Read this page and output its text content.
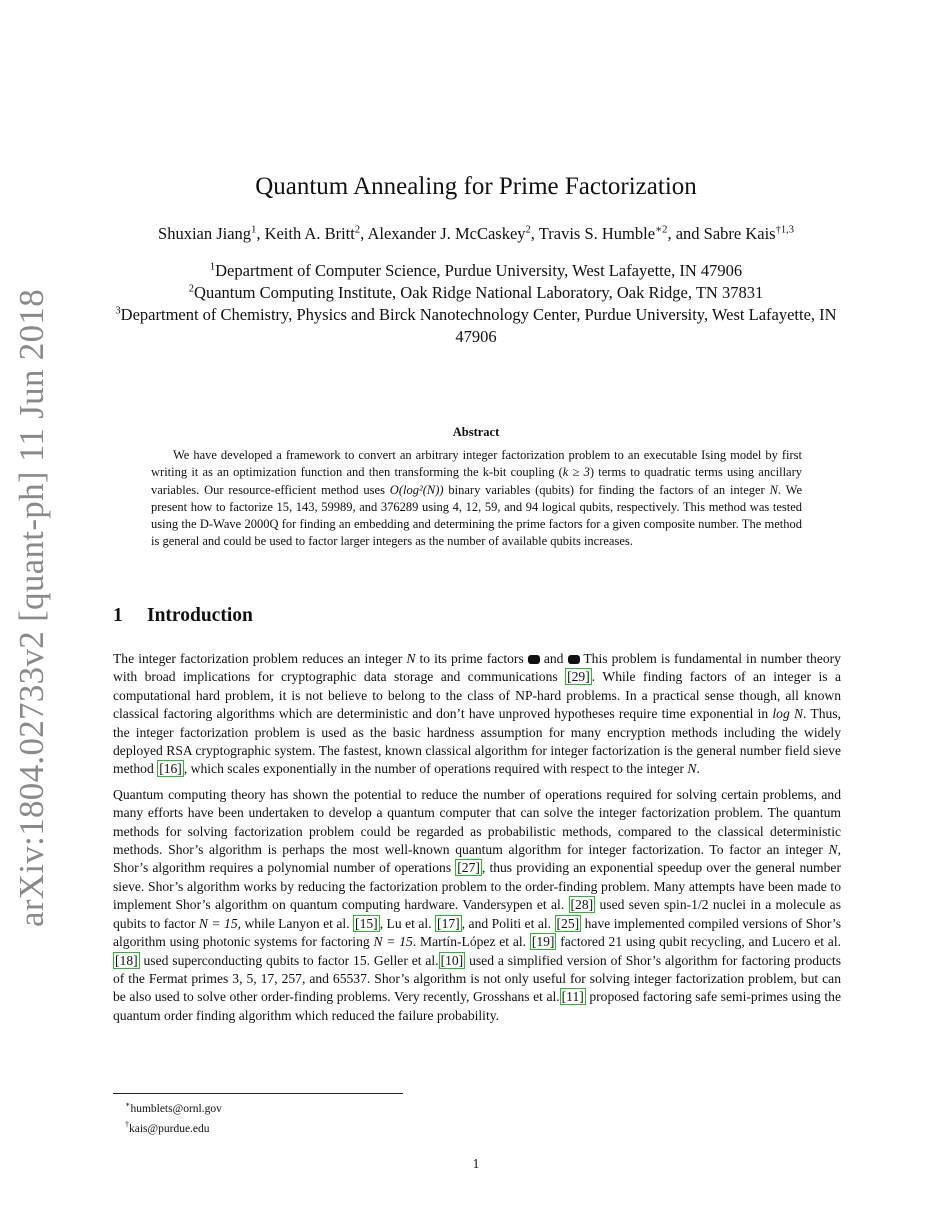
arXiv:1804.02733v2 [quant-ph] 11 Jun 2018
Quantum Annealing for Prime Factorization
Shuxian Jiang$^1$, Keith A. Britt$^2$, Alexander J. McCaskey$^2$, Travis S. Humble$^{∗2}$, and Sabre Kais$^{\dagger 1,3}$
$^1$Department of Computer Science, Purdue University, West Lafayette, IN 47906
$^2$Quantum Computing Institute, Oak Ridge National Laboratory, Oak Ridge, TN 37831
$^3$Department of Chemistry, Physics and Birck Nanotechnology Center, Purdue University, West Lafayette, IN 47906
Abstract
We have developed a framework to convert an arbitrary integer factorization problem to an executable Ising model by first writing it as an optimization function and then transforming the k-bit coupling (k ≥ 3) terms to quadratic terms using ancillary variables. Our resource-efficient method uses O(log²(N)) binary variables (qubits) for finding the factors of an integer N. We present how to factorize 15, 143, 59989, and 376289 using 4, 12, 59, and 94 logical qubits, respectively. This method was tested using the D-Wave 2000Q for finding an embedding and determining the prime factors for a given composite number. The method is general and could be used to factor larger integers as the number of available qubits increases.
1 Introduction

The integer factorization problem reduces an integer N to its prime factors  and  This problem is fundamental in number theory with broad implications for cryptographic data storage and communications [29] . While finding factors of an integer is a computational hard problem, it is not believe to belong to the class of NP-hard problems. In a practical sense though, all known classical factoring algorithms which are deterministic and don’t have unproved hypotheses require time exponential in log N. Thus, the integer factorization problem is used as the basic hardness assumption for many encryption methods including the widely deployed RSA cryptographic system. The fastest, known classical algorithm for integer factorization is the general number field sieve method [16] , which scales exponentially in the number of operations required with respect to the integer N.

Quantum computing theory has shown the potential to reduce the number of operations required for solving certain problems, and many efforts have been undertaken to develop a quantum computer that can solve the integer factorization problem. The quantum methods for solving factorization problem could be regarded as probabilistic methods, compared to the classical deterministic methods. Shor’s algorithm is perhaps the most well-known quantum algorithm for integer factorization. To factor an integer N, Shor’s algorithm requires a polynomial number of operations [27] , thus providing an exponential speedup over the general number sieve. Shor’s algorithm works by reducing the factorization problem to the order-finding problem. Many attempts have been made to implement Shor’s algorithm on quantum computing hardware. Vandersypen et al. [28] used seven spin-1/2 nuclei in a molecule as qubits to factor N = 15, while Lanyon et al. [15] , Lu et al. [17] , and Politi et al. [25] have implemented compiled versions of Shor’s algorithm using photonic systems for factoring N = 15. Martín-López et al. [19] factored 21 using qubit recycling, and Lucero et al. [18] used superconducting qubits to factor 15. Geller et al. [10] used a simplified version of Shor’s algorithm for factoring products of the Fermat primes 3, 5, 17, 257, and 65537. Shor’s algorithm is not only useful for solving integer factorization problem, but can be also used to solve other order-finding problems. Very recently, Grosshans et al. [11] proposed factoring safe semi-primes using the quantum order finding algorithm which reduced the failure probability.

∗humblets@ornl.gov
†kais@purdue.edu
1
